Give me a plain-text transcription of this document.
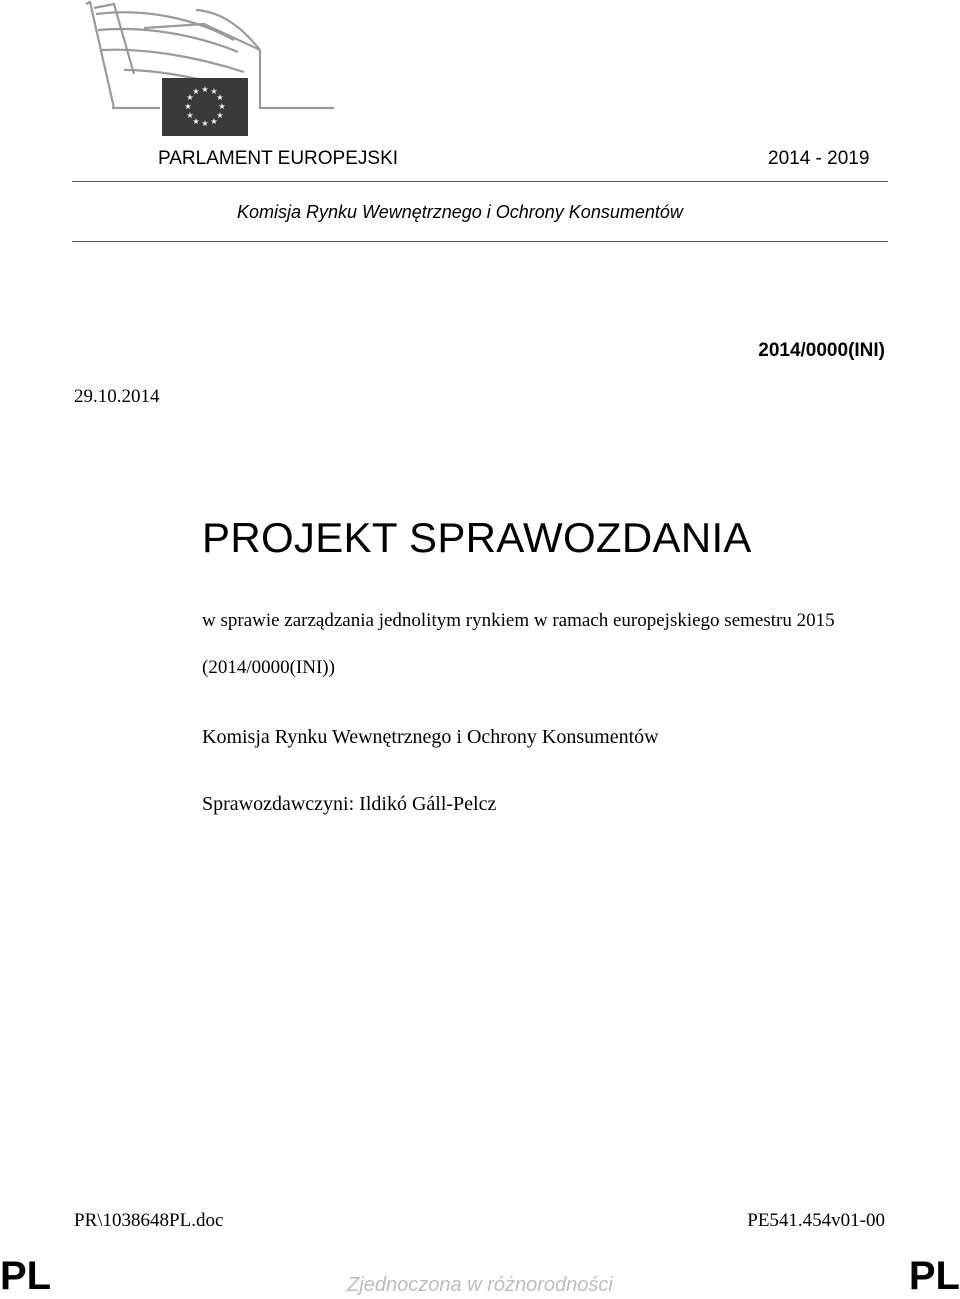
★ ★
★
★
★
★
★
★
★
★
★
★
PARLAMENT EUROPEJSKI	2014 - 2019
Komisja Rynku Wewnętrznego i Ochrony Konsumentów
2014/0000(INI)
29.10.2014
PROJEKT SPRAWOZDANIA
w sprawie zarządzania jednolitym rynkiem w ramach europejskiego semestru 2015
(2014/0000(INI))
Komisja Rynku Wewnętrznego i Ochrony Konsumentów
Sprawozdawczyni: Ildikó Gáll-Pelcz
PR\1038648PL.doc	PE541.454v01-00
PL	Zjednoczona w różnorodności	PL
